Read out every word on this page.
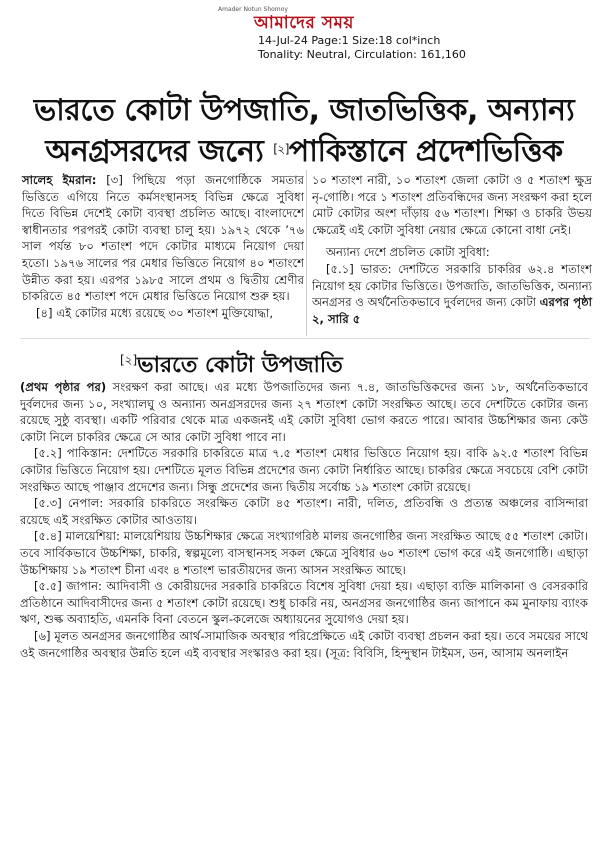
Amader Notun Shomoy
আমাদের সময়
14-Jul-24 Page:1 Size:18 col*inch
Tonality: Neutral, Circulation: 161,160
ভারতে কোটা উপজাতি, জাতভিত্তিক, অন্যান্য
অনগ্রসরদের জন্যে [২]পাকিস্তানে প্রদেশভিত্তিক

সালেহ ইমরান: [৩] পিছিয়ে পড়া জনগোষ্ঠিকে সমতার ভিত্তিতে এগিয়ে নিতে কর্মসংস্থানসহ বিভিন্ন ক্ষেত্রে সুবিধা দিতে বিভিন্ন দেশেই কোটা ব্যবস্থা প্রচলিত আছে। বাংলাদেশে স্বাধীনতার পরপরই কোটা ব্যবস্থা চালু হয়। ১৯৭২ থেকে ’৭৬ সাল পর্যন্ত ৮০ শতাংশ পদে কোটার মাধ্যমে নিয়োগ দেয়া হতো। ১৯৭৬ সালের পর মেধার ভিত্তিতে নিয়োগ ৪০ শতাংশে উন্নীত করা হয়। এরপর ১৯৮৫ সালে প্রথম ও দ্বিতীয় শ্রেণীর চাকরিতে ৪৫ শতাংশ পদে মেধার ভিত্তিতে নিয়োগ শুরু হয়।

[৪] এই কোটার মধ্যে রয়েছে ৩০ শতাংশ মুক্তিযোদ্ধা,

১০ শতাংশ নারী, ১০ শতাংশ জেলা কোটা ও ৫ শতাংশ ক্ষুদ্র নৃ-গোষ্ঠি। পরে ১ শতাংশ প্রতিবন্ধিদের জন্য সংরক্ষণ করা হলে মোট কোটার অংশ দাঁড়ায় ৫৬ শতাংশ। শিক্ষা ও চাকরি উভয় ক্ষেত্রেই এই কোটা সুবিধা নেয়ার ক্ষেত্রে কোনো বাধা নেই।

অন্যান্য দেশে প্রচলিত কোটা সুবিধা:

[৫.১] ভারত: দেশটিতে সরকারি চাকরির ৬২.৪ শতাংশ নিয়োগ হয় কোটার ভিত্তিতে। উপজাতি, জাতভিত্তিক, অন্যান্য অনগ্রসর ও অর্থনৈতিকভাবে দুর্বলদের জন্য কোটা এরপর পৃষ্ঠা ২, সারি ৫

[২]ভারতে কোটা উপজাতি

(প্রথম পৃষ্ঠার পর) সংরক্ষণ করা আছে। এর মধ্যে উপজাতিদের জন্য ৭.৪, জাতভিত্তিকদের জন্য ১৮, অর্থনৈতিকভাবে দুর্বলদের জন্য ১০, সংখ্যালঘু ও অন্যান্য অনগ্রসরদের জন্য ২৭ শতাংশ কোটা সংরক্ষিত আছে। তবে দেশটিতে কোটার জন্য রয়েছে সুষ্ঠু ব্যবস্থা। একটি পরিবার থেকে মাত্র একজনই এই কোটা সুবিধা ভোগ করতে পারে। আবার উচ্চশিক্ষার জন্য কেউ কোটা নিলে চাকরির ক্ষেত্রে সে আর কোটা সুবিধা পাবে না।

[৫.২] পাকিস্তান: দেশটিতে সরকারি চাকরিতে মাত্র ৭.৫ শতাংশ মেধার ভিত্তিতে নিয়োগ হয়। বাকি ৯২.৫ শতাংশ বিভিন্ন কোটার ভিত্তিতে নিয়োগ হয়। দেশটিতে মূলত বিভিন্ন প্রদেশের জন্য কোটা নির্ধারিত আছে। চাকরির ক্ষেত্রে সবচেয়ে বেশি কোটা সংরক্ষিত আছে পাঞ্জাব প্রদেশের জন্য। সিন্ধু প্রদেশের জন্য দ্বিতীয় সর্বোচ্চ ১৯ শতাংশ কোটা রয়েছে।

[৫.৩] নেপাল: সরকারি চাকরিতে সংরক্ষিত কোটা ৪৫ শতাংশ। নারী, দলিত, প্রতিবন্ধি ও প্রত্যন্ত অঞ্চলের বাসিন্দারা রয়েছে এই সংরক্ষিত কোটার আওতায়।

[৫.৪] মালয়েশিয়া: মালয়েশিয়ায় উচ্চশিক্ষার ক্ষেত্রে সংখ্যাগরিষ্ঠ মালয় জনগোষ্ঠির জন্য সংরক্ষিত আছে ৫৫ শতাংশ কোটা। তবে সার্বিকভাবে উচ্চশিক্ষা, চাকরি, স্বল্পমূল্যে বাসস্থানসহ সকল ক্ষেত্রে সুবিধার ৬০ শতাংশ ভোগ করে এই জনগোষ্ঠি। এছাড়া উচ্চশিক্ষায় ১৯ শতাংশ চীনা এবং ৪ শতাংশ ভারতীয়দের জন্য আসন সংরক্ষিত আছে।

[৫.৫] জাপান: আদিবাসী ও কোরীয়দের সরকারি চাকরিতে বিশেষ সুবিধা দেয়া হয়। এছাড়া ব্যক্তি মালিকানা ও বেসরকারি প্রতিষ্ঠানে আদিবাসীদের জন্য ৫ শতাংশ কোটা রয়েছে। শুধু চাকরি নয়, অনগ্রসর জনগোষ্ঠির জন্য জাপানে কম মুনাফায় ব্যাংক ঋণ, শুল্ক অব্যাহতি, এমনকি বিনা বেতনে স্কুল-কলেজে অধ্যায়নের সুযোগও দেয়া হয়।

[৬] মূলত অনগ্রসর জনগোষ্ঠির আর্থ-সামাজিক অবস্থার পরিপ্রেক্ষিতে এই কোটা ব্যবস্থা প্রচলন করা হয়। তবে সময়ের সাথে ওই জনগোষ্ঠির অবস্থার উন্নতি হলে এই ব্যবস্থার সংস্কারও করা হয়। (সূত্র: বিবিসি, হিন্দুস্থান টাইমস, ডন, আসাম অনলাইন
